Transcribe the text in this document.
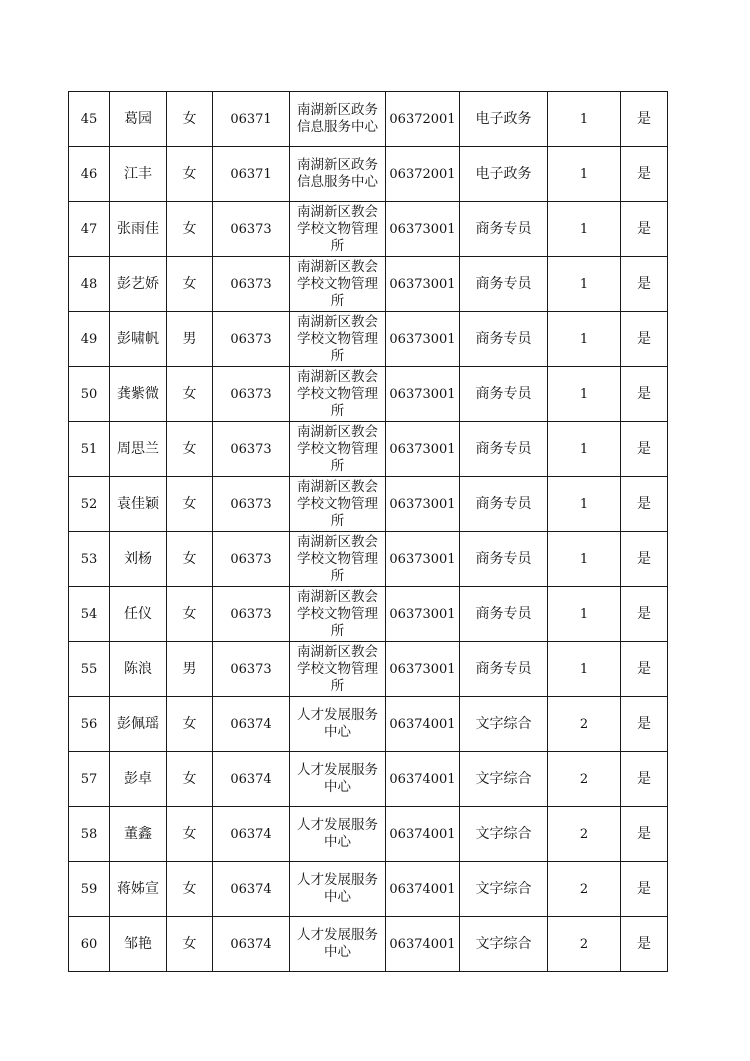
45	葛园	女	06371	南湖新区政务信息服务中心	06372001	电子政务	1	是
46	江丰	女	06371	南湖新区政务信息服务中心	06372001	电子政务	1	是
47	张雨佳	女	06373	南湖新区教会学校文物管理所	06373001	商务专员	1	是
48	彭艺娇	女	06373	南湖新区教会学校文物管理所	06373001	商务专员	1	是
49	彭啸帆	男	06373	南湖新区教会学校文物管理所	06373001	商务专员	1	是
50	龚紫微	女	06373	南湖新区教会学校文物管理所	06373001	商务专员	1	是
51	周思兰	女	06373	南湖新区教会学校文物管理所	06373001	商务专员	1	是
52	袁佳颖	女	06373	南湖新区教会学校文物管理所	06373001	商务专员	1	是
53	刘杨	女	06373	南湖新区教会学校文物管理所	06373001	商务专员	1	是
54	任仪	女	06373	南湖新区教会学校文物管理所	06373001	商务专员	1	是
55	陈浪	男	06373	南湖新区教会学校文物管理所	06373001	商务专员	1	是
56	彭佩瑶	女	06374	人才发展服务中心	06374001	文字综合	2	是
57	彭卓	女	06374	人才发展服务中心	06374001	文字综合	2	是
58	董鑫	女	06374	人才发展服务中心	06374001	文字综合	2	是
59	蒋姊宣	女	06374	人才发展服务中心	06374001	文字综合	2	是
60	邹艳	女	06374	人才发展服务中心	06374001	文字综合	2	是
